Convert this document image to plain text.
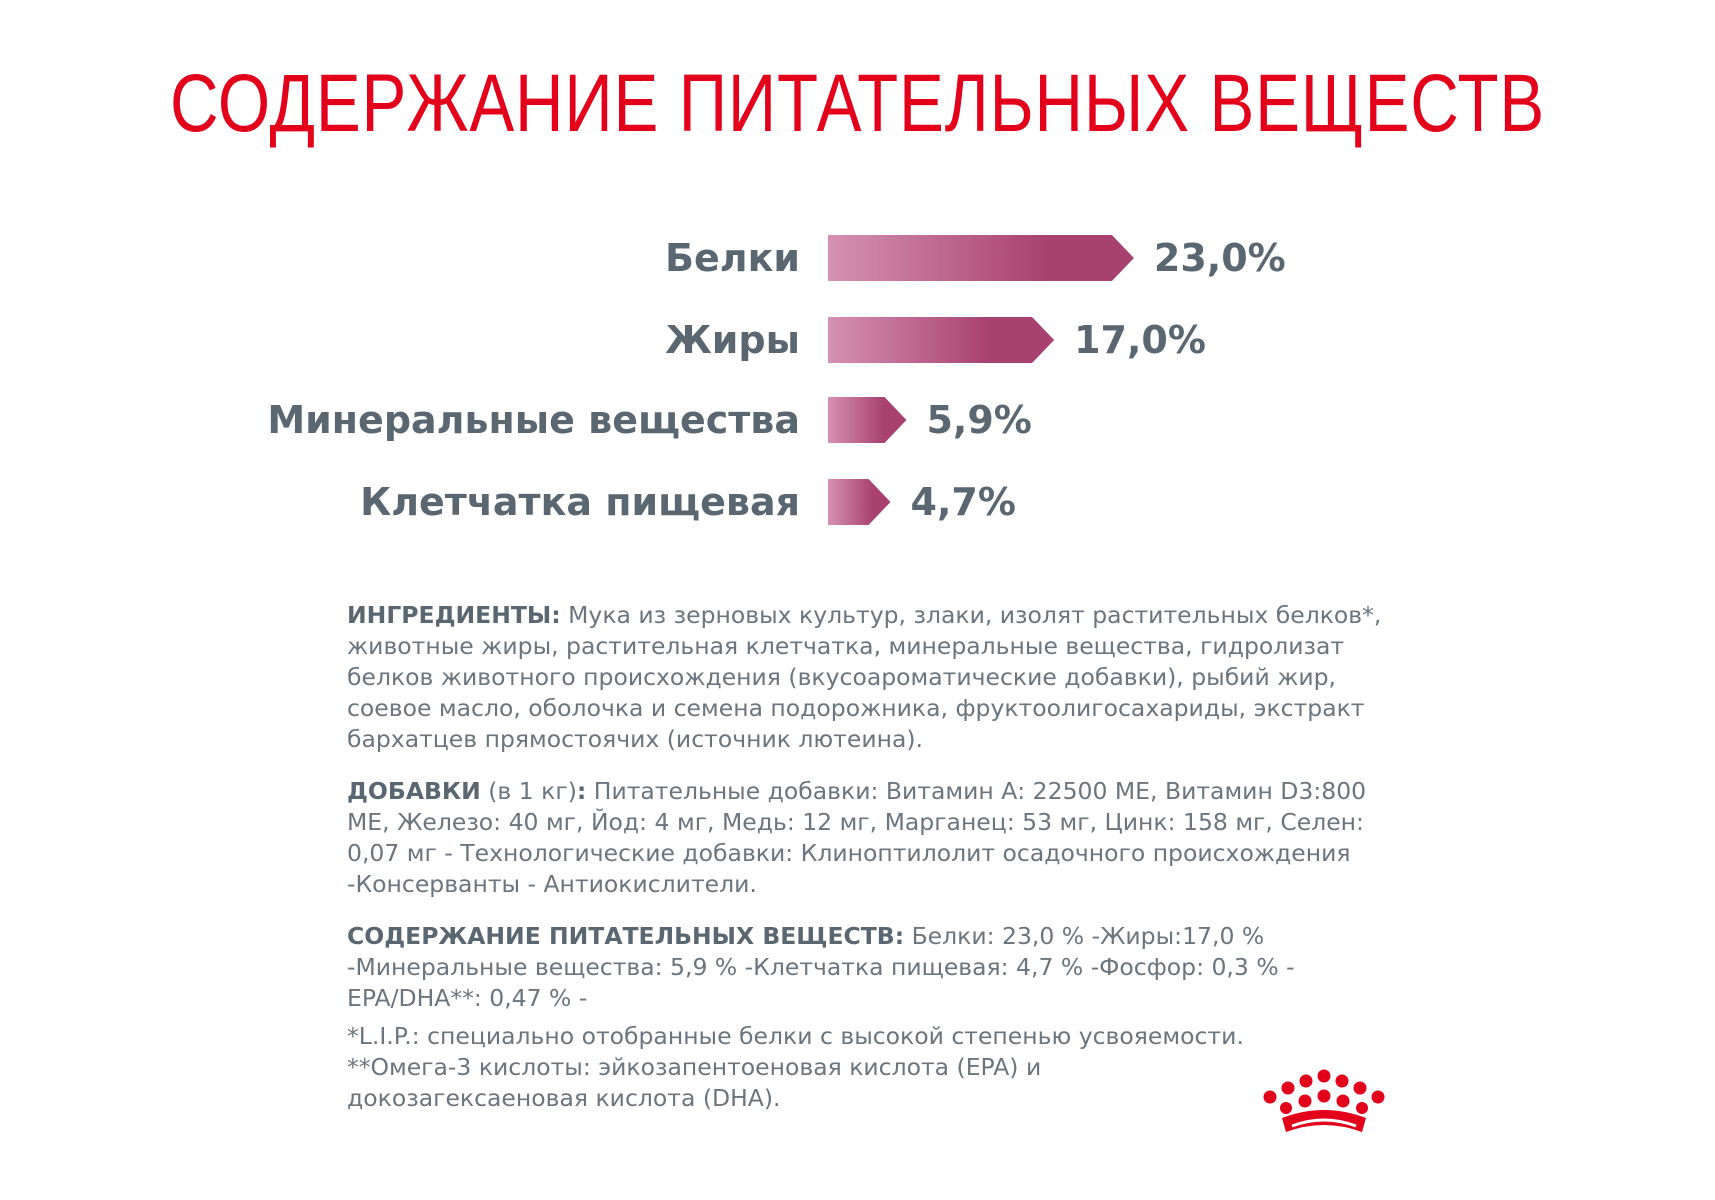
СОДЕРЖАНИЕ ПИТАТЕЛЬНЫХ ВЕЩЕСТВ
Белки	23,0%
Жиры	17,0%
Минеральные вещества	5,9%
Клетчатка пищевая	4,7%
ИНГРЕДИЕНТЫ: Мука из зерновых культур, злаки, изолят растительных белков*, животные жиры, растительная клетчатка, минеральные вещества, гидролизат белков животного происхождения (вкусоароматические добавки), рыбий жир, соевое масло, оболочка и семена подорожника, фруктоолигосахариды, экстракт бархатцев прямостоячих (источник лютеина).
ДОБАВКИ (в 1 кг): Питательные добавки: Витамин А: 22500 МЕ, Витамин D3:800 МЕ, Железо: 40 мг, Йод: 4 мг, Медь: 12 мг, Марганец: 53 мг, Цинк: 158 мг, Селен: 0,07 мг - Технологические добавки: Клиноптилолит осадочного происхождения -Консерванты - Антиокислители.
СОДЕРЖАНИЕ ПИТАТЕЛЬНЫХ ВЕЩЕСТВ: Белки: 23,0 % -Жиры:17,0 % -Минеральные вещества: 5,9 % -Клетчатка пищевая: 4,7 % -Фосфор: 0,3 % -EPA/DHA**: 0,47 % -
*L.I.P.: специально отобранные белки с высокой степенью усвояемости.
**Омега-3 кислоты: эйкозапентоеновая кислота (EPA) и докозагексаеновая кислота (DHA).
